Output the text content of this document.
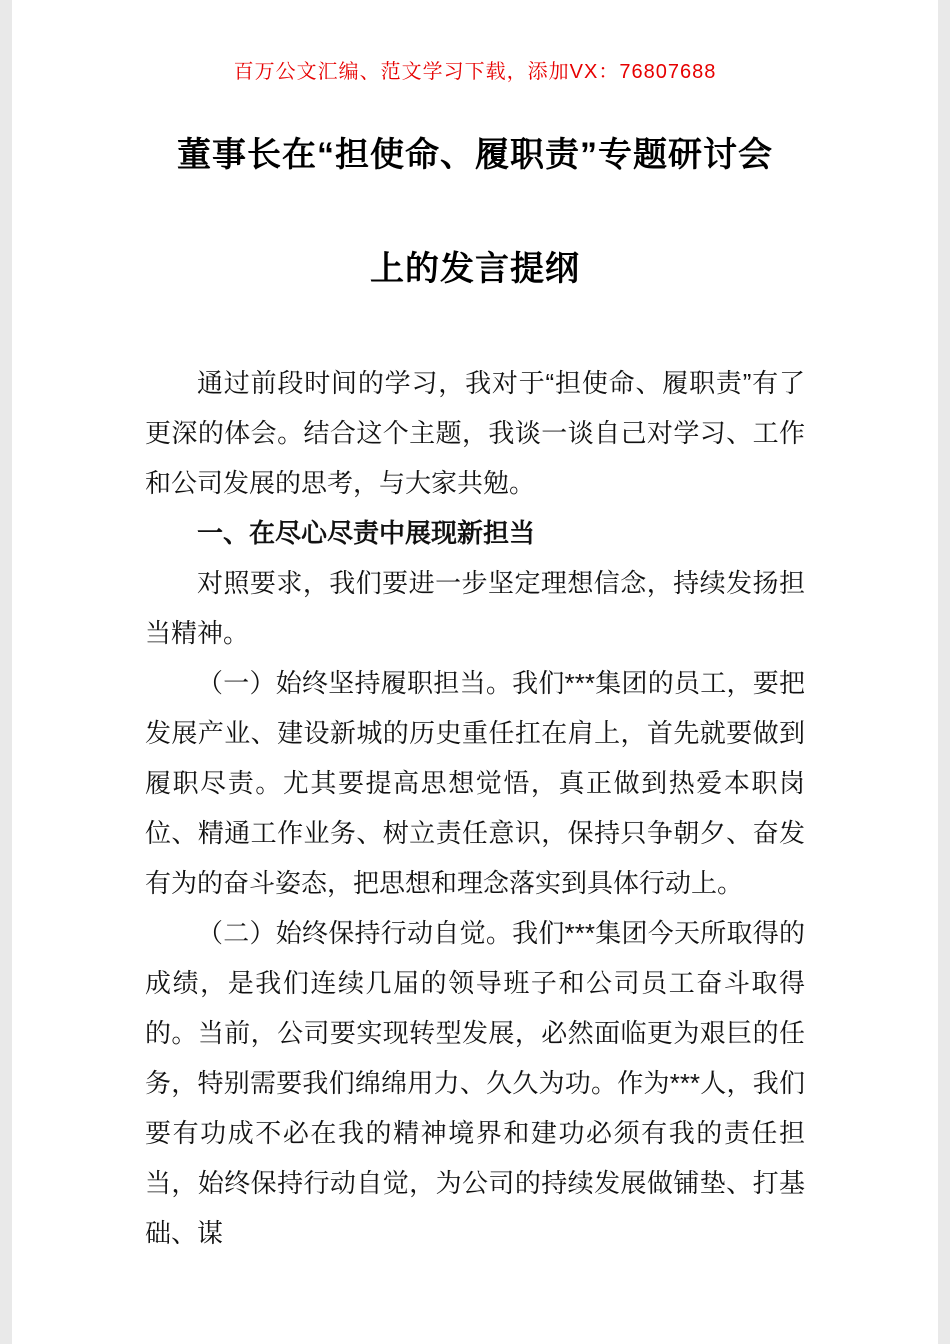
百万公文汇编、范文学习下载，添加VX：76807688
董事长在“担使命、履职责”专题研讨会
上的发言提纲

通过前段时间的学习，我对于“担使命、履职责”有了更深的体会。结合这个主题，我谈一谈自己对学习、工作和公司发展的思考，与大家共勉。

一、在尽心尽责中展现新担当

对照要求，我们要进一步坚定理想信念，持续发扬担当精神。

（一）始终坚持履职担当。我们***集团的员工，要把发展产业、建设新城的历史重任扛在肩上，首先就要做到履职尽责。尤其要提高思想觉悟，真正做到热爱本职岗位、精通工作业务、树立责任意识，保持只争朝夕、奋发有为的奋斗姿态，把思想和理念落实到具体行动上。

（二）始终保持行动自觉。我们***集团今天所取得的成绩，是我们连续几届的领导班子和公司员工奋斗取得的。当前，公司要实现转型发展，必然面临更为艰巨的任务，特别需要我们绵绵用力、久久为功。作为***人，我们要有功成不必在我的精神境界和建功必须有我的责任担当，始终保持行动自觉，为公司的持续发展做铺垫、打基础、谋
